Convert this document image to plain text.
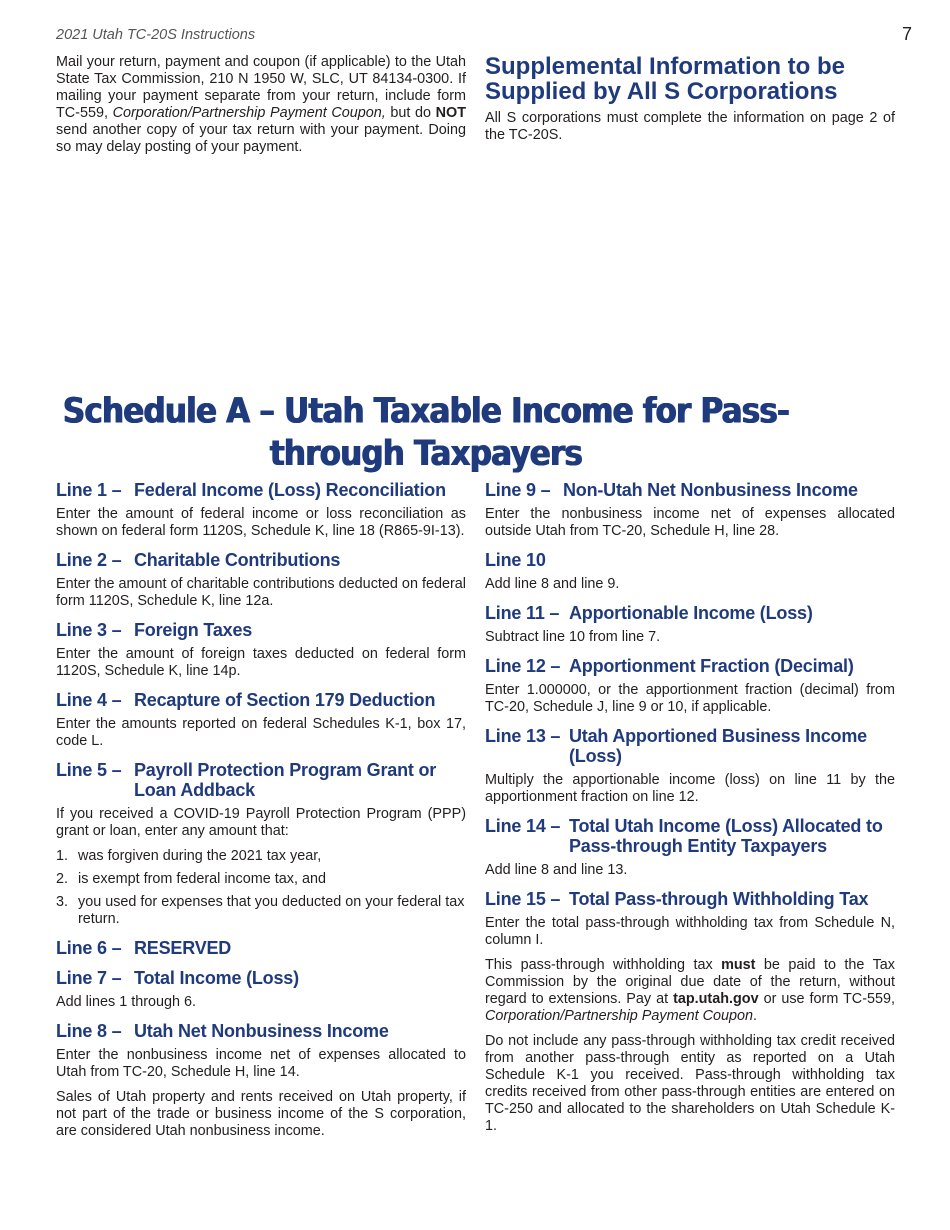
2021 Utah TC-20S Instructions	7

Mail your return, payment and coupon (if applicable) to the Utah State Tax Commission, 210 N 1950 W, SLC, UT 84134-0300. If mailing your payment separate from your return, include form TC-559, Corporation/Partnership Payment Coupon, but do NOT send another copy of your tax return with your payment. Doing so may delay posting of your payment.

Supplemental Information to be Supplied by All S Corporations

All S corporations must complete the information on page 2 of the TC-20S.

Schedule A – Utah Taxable Income for Pass-
through Taxpayers
Line 1 – Federal Income (Loss) Reconciliation

Enter the amount of federal income or loss reconciliation as shown on federal form 1120S, Schedule K, line 18 (R865-9I-13).

Line 2 – Charitable Contributions

Enter the amount of charitable contributions deducted on federal form 1120S, Schedule K, line 12a.

Line 3 – Foreign Taxes

Enter the amount of foreign taxes deducted on federal form 1120S, Schedule K, line 14p.

Line 4 – Recapture of Section 179 Deduction

Enter the amounts reported on federal Schedules K-1, box 17, code L.

Line 5 – Payroll Protection Program Grant or Loan Addback

If you received a COVID-19 Payroll Protection Program (PPP) grant or loan, enter any amount that:

1. was forgiven during the 2021 tax year,
2. is exempt from federal income tax, and
3. you used for expenses that you deducted on your federal tax return.
Line 6 – RESERVED
Line 7 – Total Income (Loss)

Add lines 1 through 6.

Line 8 – Utah Net Nonbusiness Income

Enter the nonbusiness income net of expenses allocated to Utah from TC-20, Schedule H, line 14.

Sales of Utah property and rents received on Utah property, if not part of the trade or business income of the S corporation, are considered Utah nonbusiness income.

Line 9 – Non-Utah Net Nonbusiness Income

Enter the nonbusiness income net of expenses allocated outside Utah from TC-20, Schedule H, line 28.

Line 10

Add line 8 and line 9.

Line 11 – Apportionable Income (Loss)

Subtract line 10 from line 7.

Line 12 – Apportionment Fraction (Decimal)

Enter 1.000000, or the apportionment fraction (decimal) from TC-20, Schedule J, line 9 or 10, if applicable.

Line 13 – Utah Apportioned Business Income (Loss)

Multiply the apportionable income (loss) on line 11 by the apportionment fraction on line 12.

Line 14 – Total Utah Income (Loss) Allocated to Pass-through Entity Taxpayers

Add line 8 and line 13.

Line 15 – Total Pass-through Withholding Tax

Enter the total pass-through withholding tax from Schedule N, column I.

This pass-through withholding tax must be paid to the Tax Commission by the original due date of the return, without regard to extensions. Pay at tap.utah.gov or use form TC-559, Corporation/Partnership Payment Coupon.

Do not include any pass-through withholding tax credit received from another pass-through entity as reported on a Utah Schedule K-1 you received. Pass-through withholding tax credits received from other pass-through entities are entered on TC-250 and allocated to the shareholders on Utah Schedule K-1.
